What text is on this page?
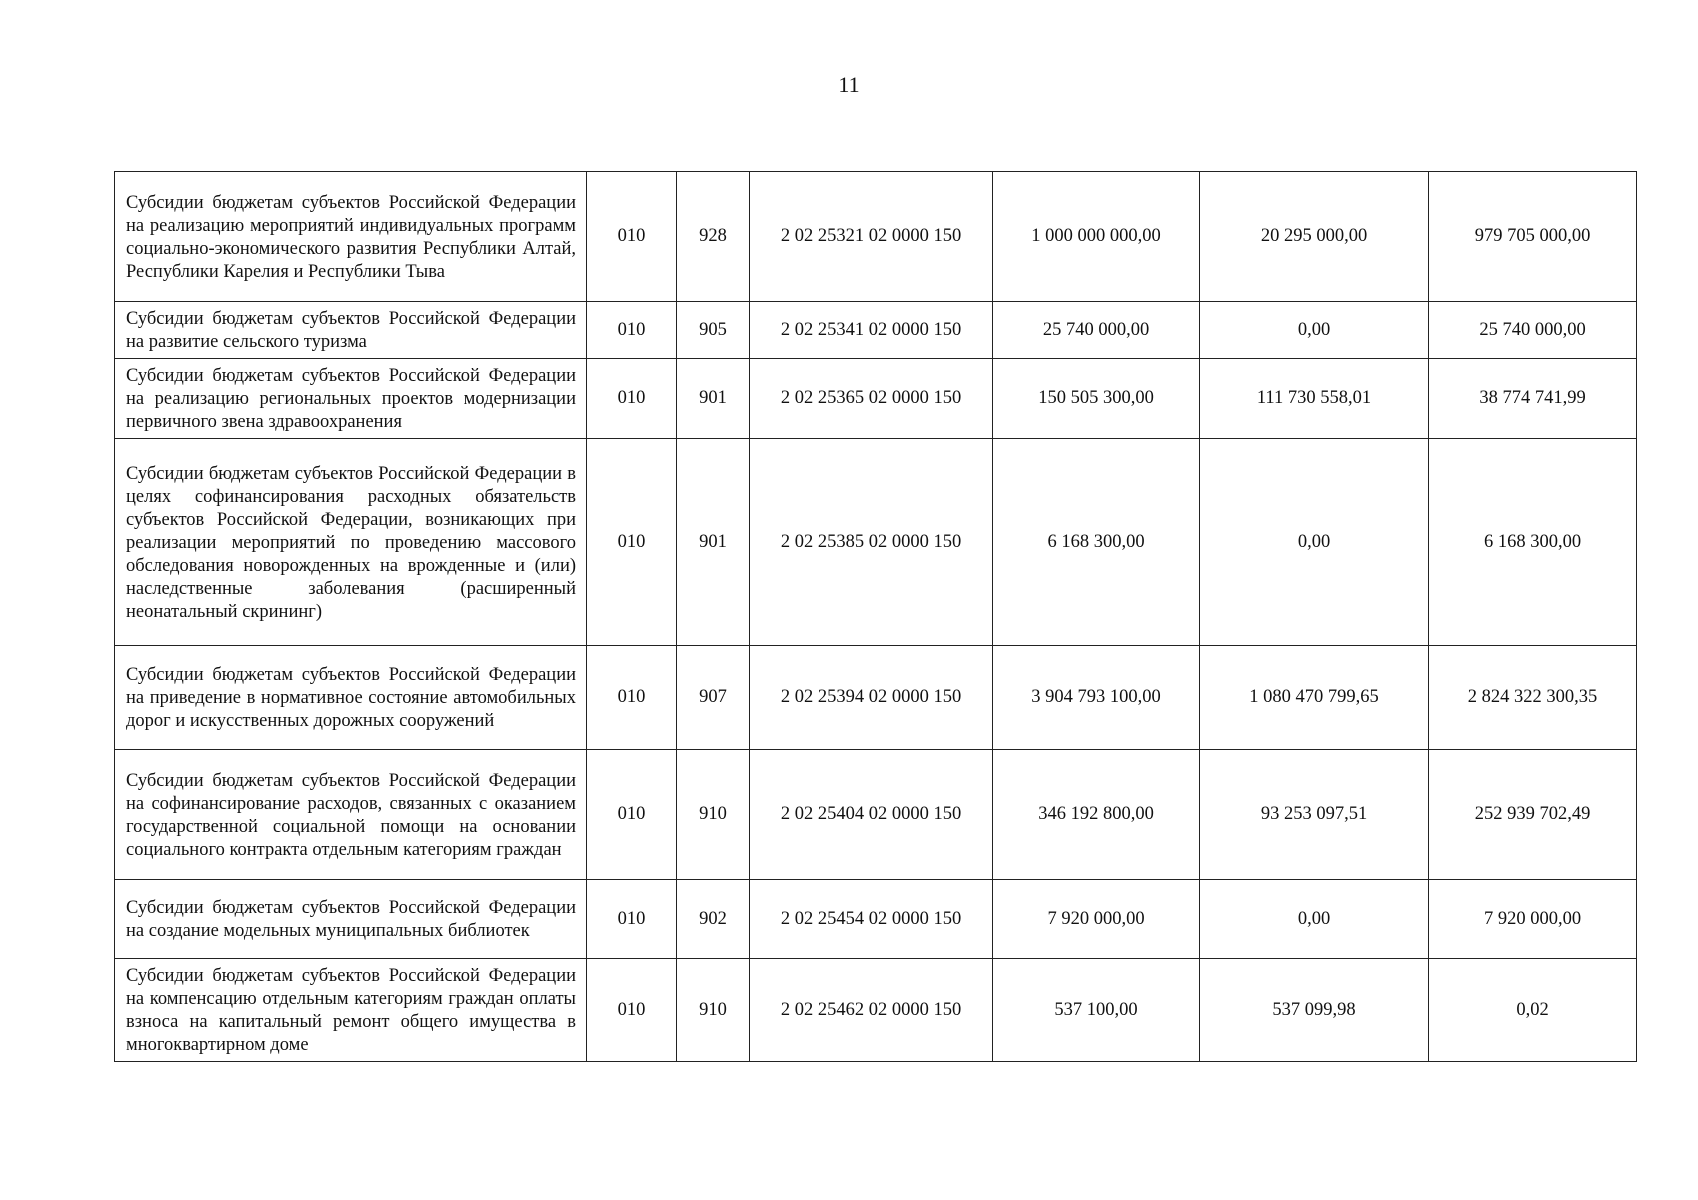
11
Субсидии бюджетам субъектов Российской Федерации на реализацию мероприятий индивидуальных программ социально-экономического развития Республики Алтай, Республики Карелия и Республики Тыва	010	928	2 02 25321 02 0000 150	1 000 000 000,00	20 295 000,00	979 705 000,00
Субсидии бюджетам субъектов Российской Федерации на развитие сельского туризма	010	905	2 02 25341 02 0000 150	25 740 000,00	0,00	25 740 000,00
Субсидии бюджетам субъектов Российской Федерации на реализацию региональных проектов модернизации первичного звена здравоохранения	010	901	2 02 25365 02 0000 150	150 505 300,00	111 730 558,01	38 774 741,99
Субсидии бюджетам субъектов Российской Федерации в целях софинансирования расходных обязательств субъектов Российской Федерации, возникающих при реализации мероприятий по проведению массового обследования новорожденных на врожденные и (или) наследственные заболевания (расширенный неонатальный скрининг)	010	901	2 02 25385 02 0000 150	6 168 300,00	0,00	6 168 300,00
Субсидии бюджетам субъектов Российской Федерации на приведение в нормативное состояние автомобильных дорог и искусственных дорожных сооружений	010	907	2 02 25394 02 0000 150	3 904 793 100,00	1 080 470 799,65	2 824 322 300,35
Субсидии бюджетам субъектов Российской Федерации на софинансирование расходов, связанных с оказанием государственной социальной помощи на основании социального контракта отдельным категориям граждан	010	910	2 02 25404 02 0000 150	346 192 800,00	93 253 097,51	252 939 702,49
Субсидии бюджетам субъектов Российской Федерации на создание модельных муниципальных библиотек	010	902	2 02 25454 02 0000 150	7 920 000,00	0,00	7 920 000,00
Субсидии бюджетам субъектов Российской Федерации на компенсацию отдельным категориям граждан оплаты взноса на капитальный ремонт общего имущества в многоквартирном доме	010	910	2 02 25462 02 0000 150	537 100,00	537 099,98	0,02
